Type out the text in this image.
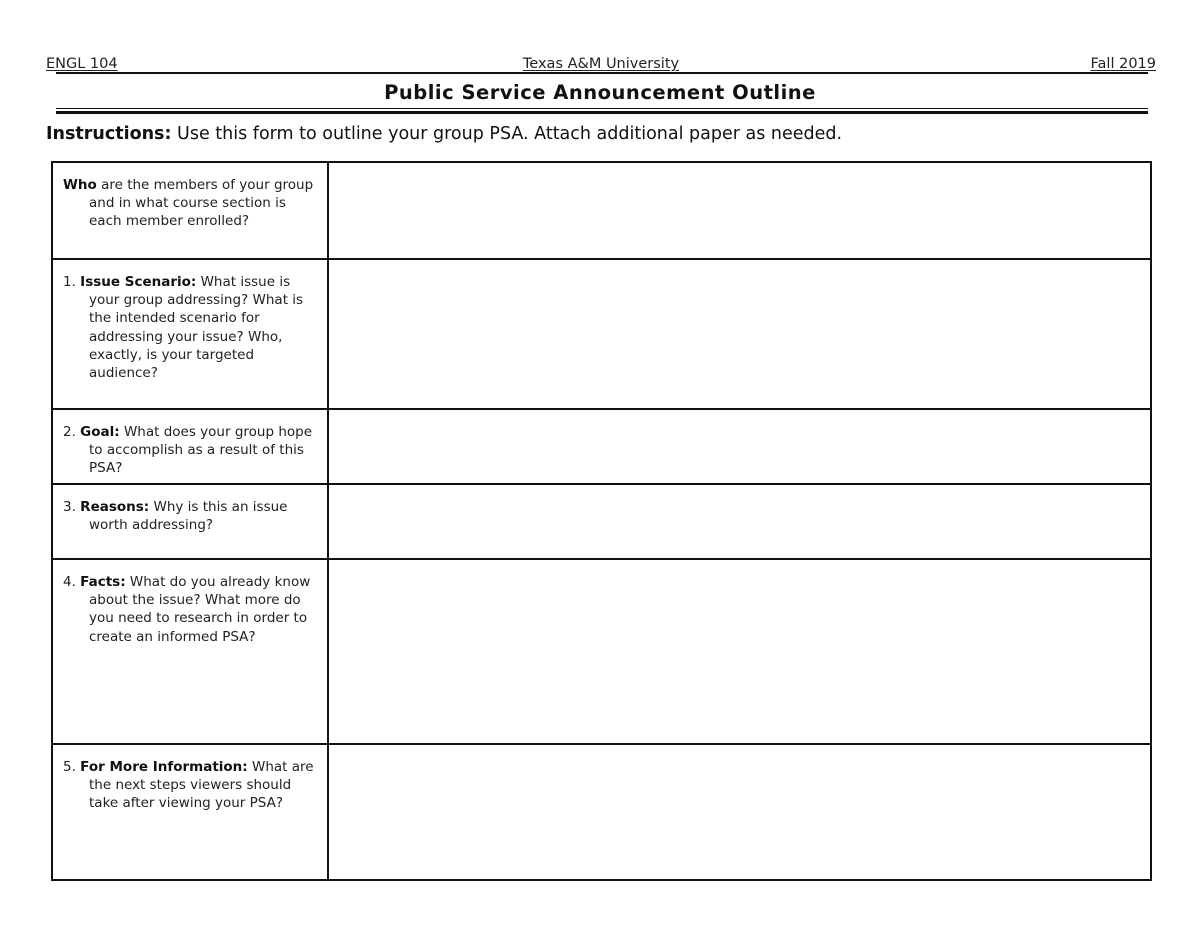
ENGL 104	Texas A&M University	Fall 2019
Public Service Announcement Outline
Instructions: Use this form to outline your group PSA. Attach additional paper as needed.
Who are the members of your group and in what course section is each member enrolled?	

1. Issue Scenario: What issue is your group addressing? What is the intended scenario for addressing your issue? Who, exactly, is your targeted audience?	

2. Goal: What does your group hope to accomplish as a result of this PSA?	

3. Reasons: Why is this an issue worth addressing?	

4. Facts: What do you already know about the issue? What more do you need to research in order to create an informed PSA?	

5. For More Information: What are the next steps viewers should take after viewing your PSA?	
